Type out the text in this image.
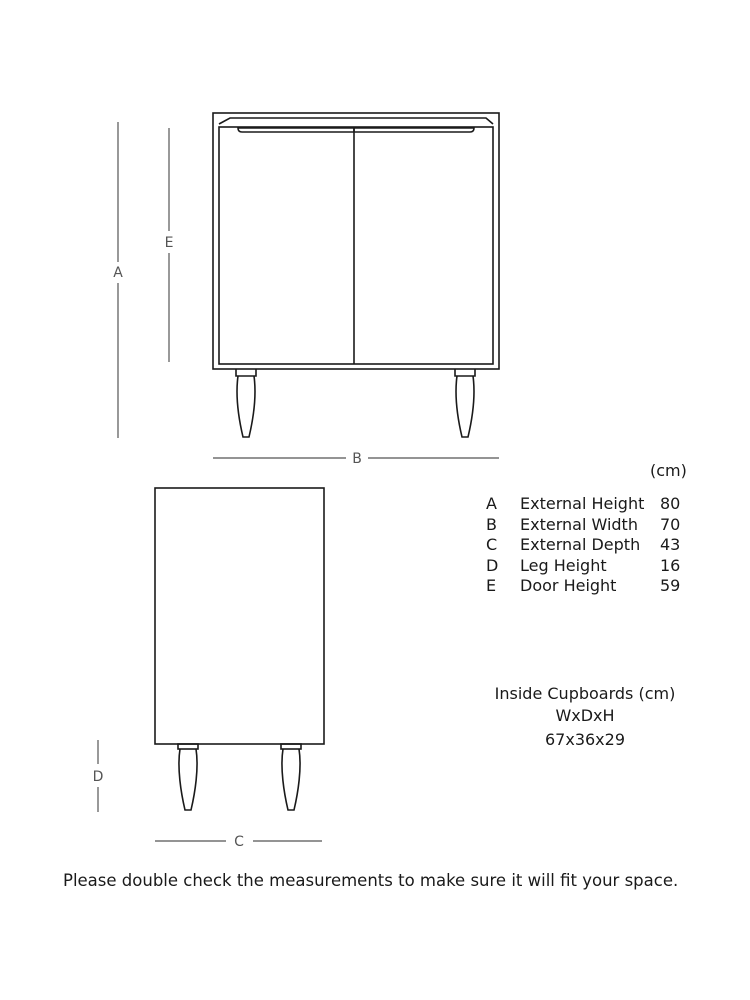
A
E
B
D
C
(cm)
A	External Height	80
B	External Width	70
C	External Depth	43
D	Leg Height	16
E	Door Height	59
Inside Cupboards (cm)
WxDxH
67x36x29
Please double check the measurements to make sure it will fit your space.
